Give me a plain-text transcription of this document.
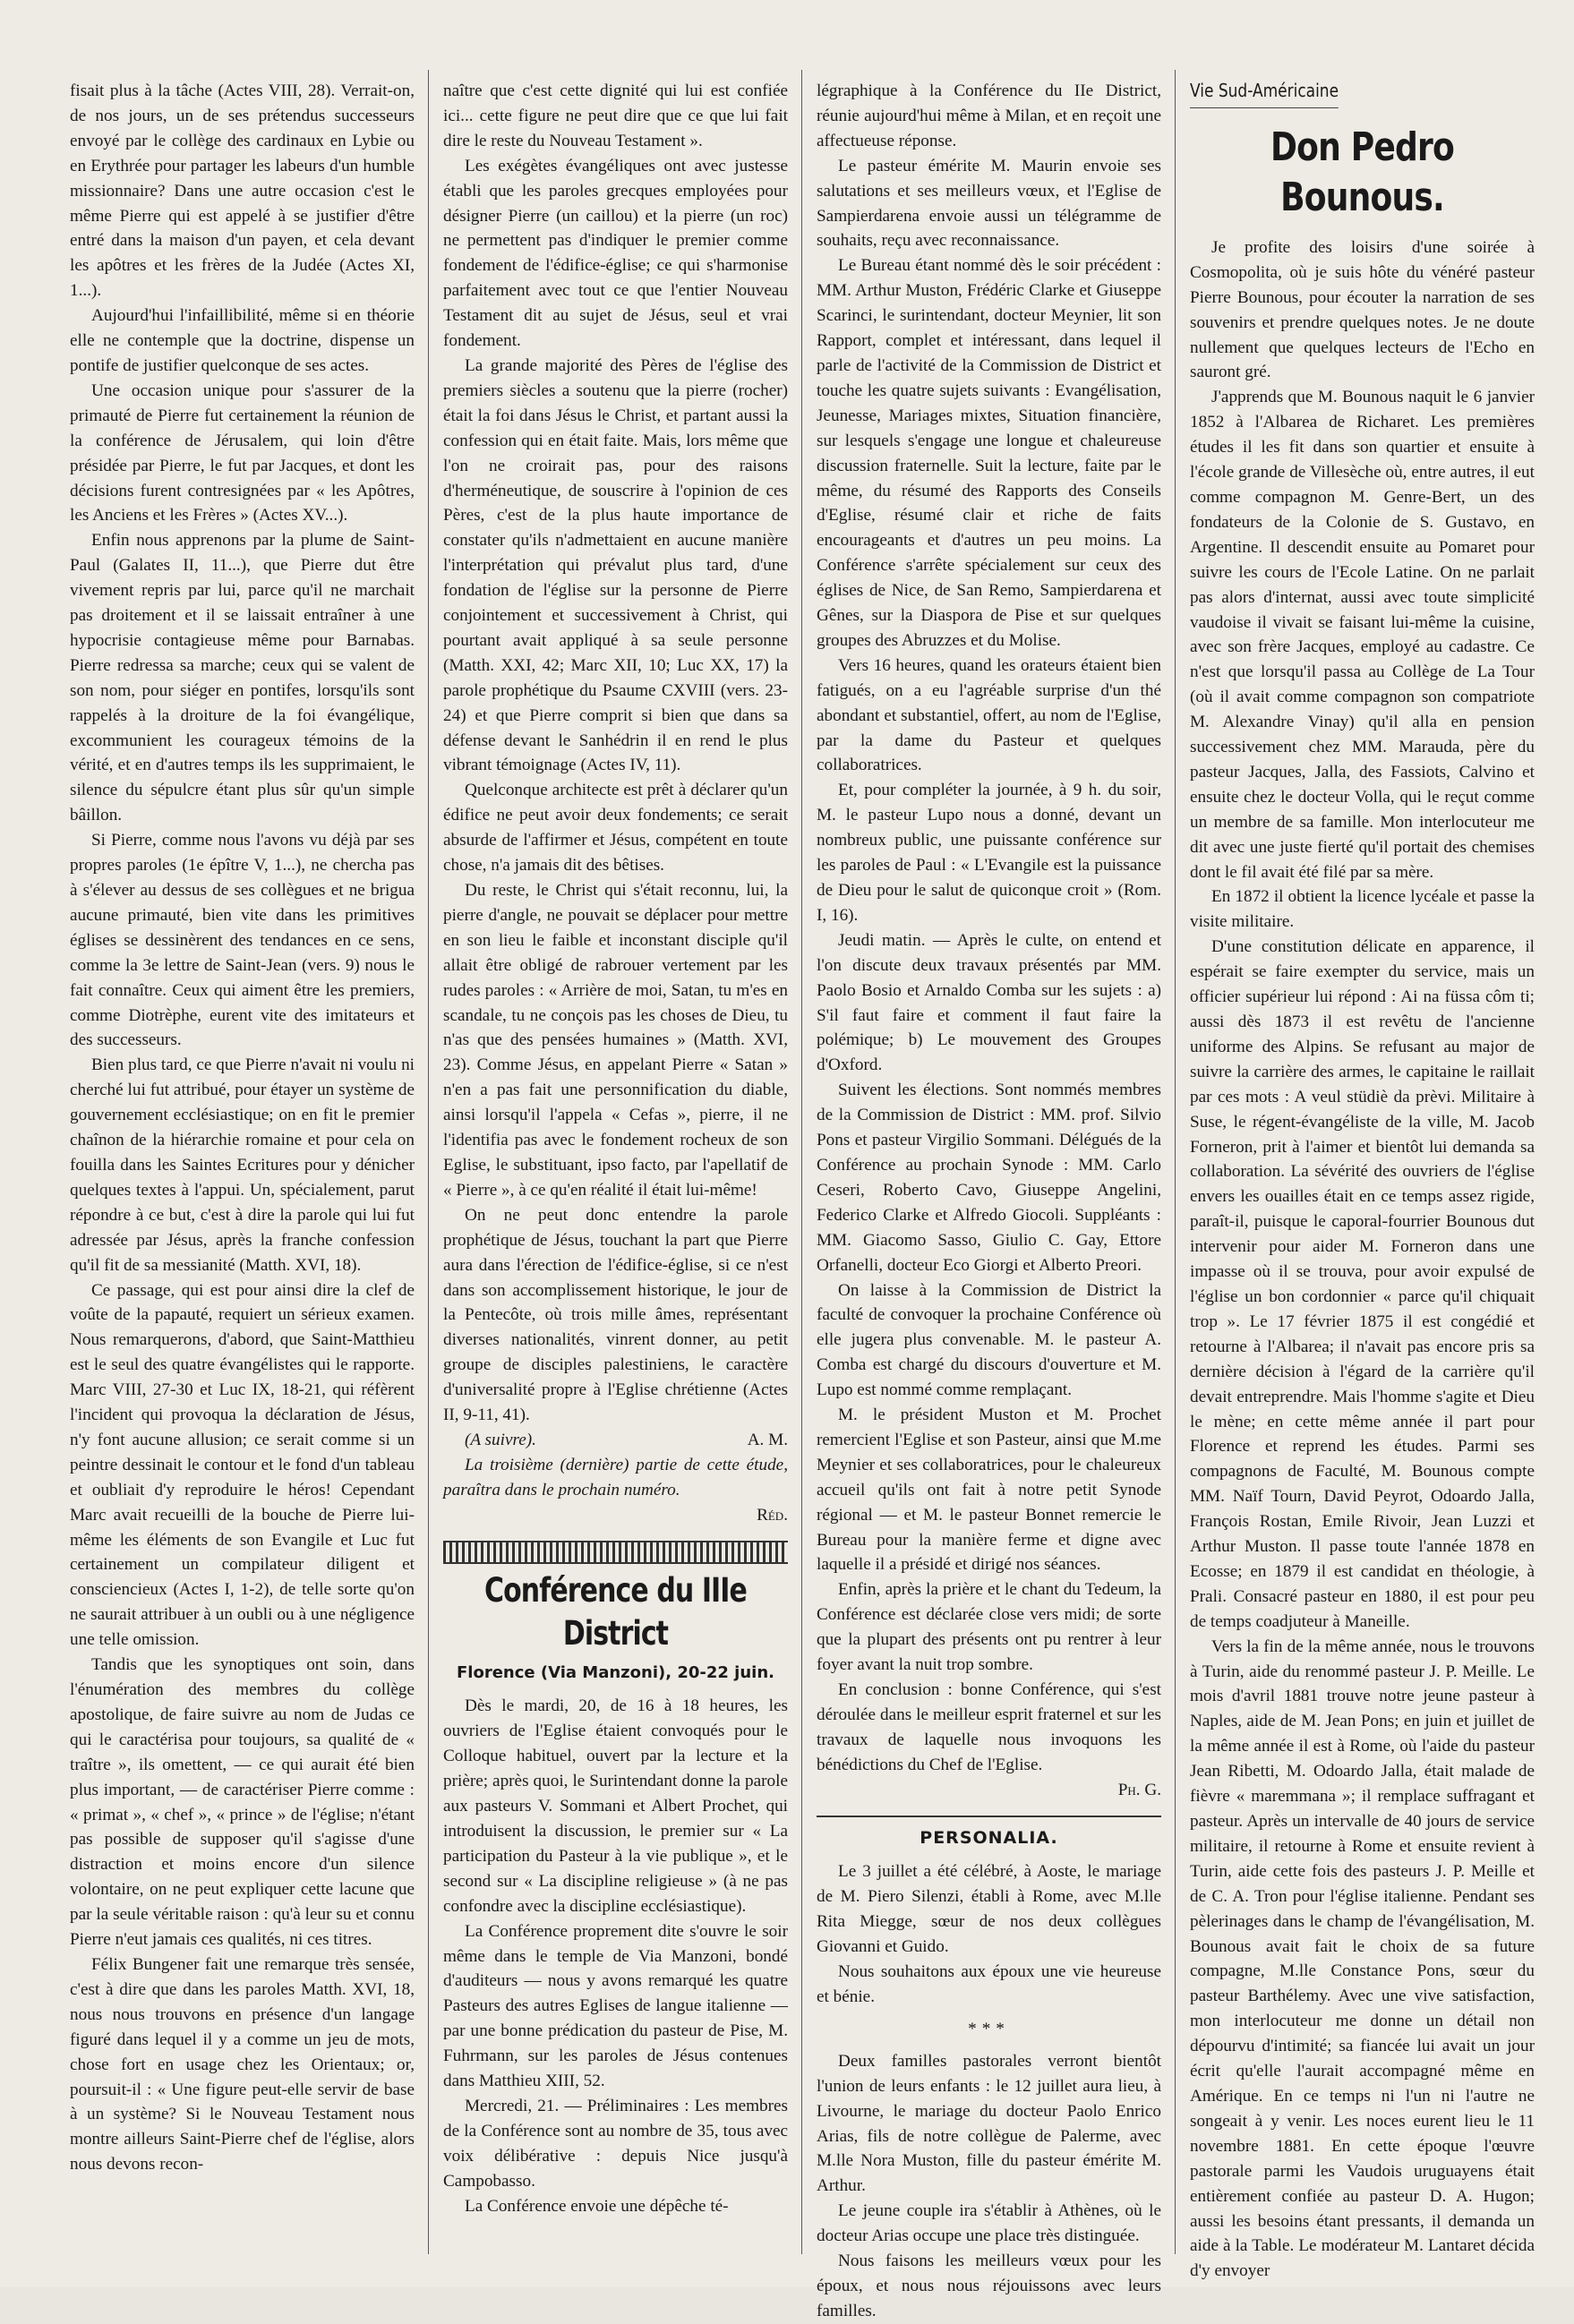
fisait plus à la tâche (Actes VIII, 28). Verrait-on, de nos jours, un de ses prétendus successeurs envoyé par le collège des cardinaux en Lybie ou en Erythrée pour partager les labeurs d'un humble missionnaire? Dans une autre occasion c'est le même Pierre qui est appelé à se justifier d'être entré dans la maison d'un payen, et cela devant les apôtres et les frères de la Judée (Actes XI, 1...).

Aujourd'hui l'infaillibilité, même si en théorie elle ne contemple que la doctrine, dispense un pontife de justifier quelconque de ses actes.

Une occasion unique pour s'assurer de la primauté de Pierre fut certainement la réunion de la conférence de Jérusalem, qui loin d'être présidée par Pierre, le fut par Jacques, et dont les décisions furent contresignées par « les Apôtres, les Anciens et les Frères » (Actes XV...).

Enfin nous apprenons par la plume de Saint-Paul (Galates II, 11...), que Pierre dut être vivement repris par lui, parce qu'il ne marchait pas droitement et il se laissait entraîner à une hypocrisie contagieuse même pour Barnabas. Pierre redressa sa marche; ceux qui se valent de son nom, pour siéger en pontifes, lorsqu'ils sont rappelés à la droiture de la foi évangélique, excommunient les courageux témoins de la vérité, et en d'autres temps ils les supprimaient, le silence du sépulcre étant plus sûr qu'un simple bâillon.

Si Pierre, comme nous l'avons vu déjà par ses propres paroles (1e épître V, 1...), ne chercha pas à s'élever au dessus de ses collègues et ne brigua aucune primauté, bien vite dans les primitives églises se dessinèrent des tendances en ce sens, comme la 3e lettre de Saint-Jean (vers. 9) nous le fait connaître. Ceux qui aiment être les premiers, comme Diotrèphe, eurent vite des imitateurs et des successeurs.

Bien plus tard, ce que Pierre n'avait ni voulu ni cherché lui fut attribué, pour étayer un système de gouvernement ecclésiastique; on en fit le premier chaînon de la hiérarchie romaine et pour cela on fouilla dans les Saintes Ecritures pour y dénicher quelques textes à l'appui. Un, spécialement, parut répondre à ce but, c'est à dire la parole qui lui fut adressée par Jésus, après la franche confession qu'il fit de sa messianité (Matth. XVI, 18).

Ce passage, qui est pour ainsi dire la clef de voûte de la papauté, requiert un sérieux examen. Nous remarquerons, d'abord, que Saint-Matthieu est le seul des quatre évangélistes qui le rapporte. Marc VIII, 27-30 et Luc IX, 18-21, qui réfèrent l'incident qui provoqua la déclaration de Jésus, n'y font aucune allusion; ce serait comme si un peintre dessinait le contour et le fond d'un tableau et oubliait d'y reproduire le héros! Cependant Marc avait recueilli de la bouche de Pierre lui-même les éléments de son Evangile et Luc fut certainement un compilateur diligent et consciencieux (Actes I, 1-2), de telle sorte qu'on ne saurait attribuer à un oubli ou à une négligence une telle omission.

Tandis que les synoptiques ont soin, dans l'énumération des membres du collège apostolique, de faire suivre au nom de Judas ce qui le caractérisa pour toujours, sa qualité de « traître », ils omettent, — ce qui aurait été bien plus important, — de caractériser Pierre comme : « primat », « chef », « prince » de l'église; n'étant pas possible de supposer qu'il s'agisse d'une distraction et moins encore d'un silence volontaire, on ne peut expliquer cette lacune que par la seule véritable raison : qu'à leur su et connu Pierre n'eut jamais ces qualités, ni ces titres.

Félix Bungener fait une remarque très sensée, c'est à dire que dans les paroles Matth. XVI, 18, nous nous trouvons en présence d'un langage figuré dans lequel il y a comme un jeu de mots, chose fort en usage chez les Orientaux; or, poursuit-il : « Une figure peut-elle servir de base à un système? Si le Nouveau Testament nous montre ailleurs Saint-Pierre chef de l'église, alors nous devons recon-

naître que c'est cette dignité qui lui est confiée ici... cette figure ne peut dire que ce que lui fait dire le reste du Nouveau Testament ».

Les exégètes évangéliques ont avec justesse établi que les paroles grecques employées pour désigner Pierre (un caillou) et la pierre (un roc) ne permettent pas d'indiquer le premier comme fondement de l'édifice-église; ce qui s'harmonise parfaitement avec tout ce que l'entier Nouveau Testament dit au sujet de Jésus, seul et vrai fondement.

La grande majorité des Pères de l'église des premiers siècles a soutenu que la pierre (rocher) était la foi dans Jésus le Christ, et partant aussi la confession qui en était faite. Mais, lors même que l'on ne croirait pas, pour des raisons d'herméneutique, de souscrire à l'opinion de ces Pères, c'est de la plus haute importance de constater qu'ils n'admettaient en aucune manière l'interprétation qui prévalut plus tard, d'une fondation de l'église sur la personne de Pierre conjointement et successivement à Christ, qui pourtant avait appliqué à sa seule personne (Matth. XXI, 42; Marc XII, 10; Luc XX, 17) la parole prophétique du Psaume CXVIII (vers. 23-24) et que Pierre comprit si bien que dans sa défense devant le Sanhédrin il en rend le plus vibrant témoignage (Actes IV, 11).

Quelconque architecte est prêt à déclarer qu'un édifice ne peut avoir deux fondements; ce serait absurde de l'affirmer et Jésus, compétent en toute chose, n'a jamais dit des bêtises.

Du reste, le Christ qui s'était reconnu, lui, la pierre d'angle, ne pouvait se déplacer pour mettre en son lieu le faible et inconstant disciple qu'il allait être obligé de rabrouer vertement par les rudes paroles : « Arrière de moi, Satan, tu m'es en scandale, tu ne conçois pas les choses de Dieu, tu n'as que des pensées humaines » (Matth. XVI, 23). Comme Jésus, en appelant Pierre « Satan » n'en a pas fait une personnification du diable, ainsi lorsqu'il l'appela « Cefas », pierre, il ne l'identifia pas avec le fondement rocheux de son Eglise, le substituant, ipso facto, par l'apellatif de « Pierre », à ce qu'en réalité il était lui-même!

On ne peut donc entendre la parole prophétique de Jésus, touchant la part que Pierre aura dans l'érection de l'édifice-église, si ce n'est dans son accomplissement historique, le jour de la Pentecôte, où trois mille âmes, représentant diverses nationalités, vinrent donner, au petit groupe de disciples palestiniens, le caractère d'universalité propre à l'Eglise chrétienne (Actes II, 9-11, 41).

(A suivre).	A. M.

La troisième (dernière) partie de cette étude, paraîtra dans le prochain numéro.

Réd.

Conférence du IIIe District
Florence (Via Manzoni), 20-22 juin.

Dès le mardi, 20, de 16 à 18 heures, les ouvriers de l'Eglise étaient convoqués pour le Colloque habituel, ouvert par la lecture et la prière; après quoi, le Surintendant donne la parole aux pasteurs V. Sommani et Albert Prochet, qui introduisent la discussion, le premier sur « La participation du Pasteur à la vie publique », et le second sur « La discipline religieuse » (à ne pas confondre avec la discipline ecclésiastique).

La Conférence proprement dite s'ouvre le soir même dans le temple de Via Manzoni, bondé d'auditeurs — nous y avons remarqué les quatre Pasteurs des autres Eglises de langue italienne — par une bonne prédication du pasteur de Pise, M. Fuhrmann, sur les paroles de Jésus contenues dans Matthieu XIII, 52.

Mercredi, 21. — Préliminaires : Les membres de la Conférence sont au nombre de 35, tous avec voix délibérative : depuis Nice jusqu'à Campobasso.

La Conférence envoie une dépêche té-

légraphique à la Conférence du IIe District, réunie aujourd'hui même à Milan, et en reçoit une affectueuse réponse.

Le pasteur émérite M. Maurin envoie ses salutations et ses meilleurs vœux, et l'Eglise de Sampierdarena envoie aussi un télégramme de souhaits, reçu avec reconnaissance.

Le Bureau étant nommé dès le soir précédent : MM. Arthur Muston, Frédéric Clarke et Giuseppe Scarinci, le surintendant, docteur Meynier, lit son Rapport, complet et intéressant, dans lequel il parle de l'activité de la Commission de District et touche les quatre sujets suivants : Evangélisation, Jeunesse, Mariages mixtes, Situation financière, sur lesquels s'engage une longue et chaleureuse discussion fraternelle. Suit la lecture, faite par le même, du résumé des Rapports des Conseils d'Eglise, résumé clair et riche de faits encourageants et d'autres un peu moins. La Conférence s'arrête spécialement sur ceux des églises de Nice, de San Remo, Sampierdarena et Gênes, sur la Diaspora de Pise et sur quelques groupes des Abruzzes et du Molise.

Vers 16 heures, quand les orateurs étaient bien fatigués, on a eu l'agréable surprise d'un thé abondant et substantiel, offert, au nom de l'Eglise, par la dame du Pasteur et quelques collaboratrices.

Et, pour compléter la journée, à 9 h. du soir, M. le pasteur Lupo nous a donné, devant un nombreux public, une puissante conférence sur les paroles de Paul : « L'Evangile est la puissance de Dieu pour le salut de quiconque croit » (Rom. I, 16).

Jeudi matin. — Après le culte, on entend et l'on discute deux travaux présentés par MM. Paolo Bosio et Arnaldo Comba sur les sujets : a) S'il faut faire et comment il faut faire la polémique; b) Le mouvement des Groupes d'Oxford.

Suivent les élections. Sont nommés membres de la Commission de District : MM. prof. Silvio Pons et pasteur Virgilio Sommani. Délégués de la Conférence au prochain Synode : MM. Carlo Ceseri, Roberto Cavo, Giuseppe Angelini, Federico Clarke et Alfredo Giocoli. Suppléants : MM. Giacomo Sasso, Giulio C. Gay, Ettore Orfanelli, docteur Eco Giorgi et Alberto Preori.

On laisse à la Commission de District la faculté de convoquer la prochaine Conférence où elle jugera plus convenable. M. le pasteur A. Comba est chargé du discours d'ouverture et M. Lupo est nommé comme remplaçant.

M. le président Muston et M. Prochet remercient l'Eglise et son Pasteur, ainsi que M.me Meynier et ses collaboratrices, pour le chaleureux accueil qu'ils ont fait à notre petit Synode régional — et M. le pasteur Bonnet remercie le Bureau pour la manière ferme et digne avec laquelle il a présidé et dirigé nos séances.

Enfin, après la prière et le chant du Tedeum, la Conférence est déclarée close vers midi; de sorte que la plupart des présents ont pu rentrer à leur foyer avant la nuit trop sombre.

En conclusion : bonne Conférence, qui s'est déroulée dans le meilleur esprit fraternel et sur les travaux de laquelle nous invoquons les bénédictions du Chef de l'Eglise.

Ph. G.

PERSONALIA.

Le 3 juillet a été célébré, à Aoste, le mariage de M. Piero Silenzi, établi à Rome, avec M.lle Rita Miegge, sœur de nos deux collègues Giovanni et Guido.

Nous souhaitons aux époux une vie heureuse et bénie.

***

Deux familles pastorales verront bientôt l'union de leurs enfants : le 12 juillet aura lieu, à Livourne, le mariage du docteur Paolo Enrico Arias, fils de notre collègue de Palerme, avec M.lle Nora Muston, fille du pasteur émérite M. Arthur.

Le jeune couple ira s'établir à Athènes, où le docteur Arias occupe une place très distinguée.

Nous faisons les meilleurs vœux pour les époux, et nous nous réjouissons avec leurs familles.

Vie Sud-Américaine
Don Pedro Bounous.

Je profite des loisirs d'une soirée à Cosmopolita, où je suis hôte du vénéré pasteur Pierre Bounous, pour écouter la narration de ses souvenirs et prendre quelques notes. Je ne doute nullement que quelques lecteurs de l'Echo en sauront gré.

J'apprends que M. Bounous naquit le 6 janvier 1852 à l'Albarea de Richaret. Les premières études il les fit dans son quartier et ensuite à l'école grande de Villesèche où, entre autres, il eut comme compagnon M. Genre-Bert, un des fondateurs de la Colonie de S. Gustavo, en Argentine. Il descendit ensuite au Pomaret pour suivre les cours de l'Ecole Latine. On ne parlait pas alors d'internat, aussi avec toute simplicité vaudoise il vivait se faisant lui-même la cuisine, avec son frère Jacques, employé au cadastre. Ce n'est que lorsqu'il passa au Collège de La Tour (où il avait comme compagnon son compatriote M. Alexandre Vinay) qu'il alla en pension successivement chez MM. Marauda, père du pasteur Jacques, Jalla, des Fassiots, Calvino et ensuite chez le docteur Volla, qui le reçut comme un membre de sa famille. Mon interlocuteur me dit avec une juste fierté qu'il portait des chemises dont le fil avait été filé par sa mère.

En 1872 il obtient la licence lycéale et passe la visite militaire.

D'une constitution délicate en apparence, il espérait se faire exempter du service, mais un officier supérieur lui répond : Ai na füssa côm ti; aussi dès 1873 il est revêtu de l'ancienne uniforme des Alpins. Se refusant au major de suivre la carrière des armes, le capitaine le raillait par ces mots : A veul stüdiè da prèvi. Militaire à Suse, le régent-évangéliste de la ville, M. Jacob Forneron, prit à l'aimer et bientôt lui demanda sa collaboration. La sévérité des ouvriers de l'église envers les ouailles était en ce temps assez rigide, paraît-il, puisque le caporal-fourrier Bounous dut intervenir pour aider M. Forneron dans une impasse où il se trouva, pour avoir expulsé de l'église un bon cordonnier « parce qu'il chiquait trop ». Le 17 février 1875 il est congédié et retourne à l'Albarea; il n'avait pas encore pris sa dernière décision à l'égard de la carrière qu'il devait entreprendre. Mais l'homme s'agite et Dieu le mène; en cette même année il part pour Florence et reprend les études. Parmi ses compagnons de Faculté, M. Bounous compte MM. Naïf Tourn, David Peyrot, Odoardo Jalla, François Rostan, Emile Rivoir, Jean Luzzi et Arthur Muston. Il passe toute l'année 1878 en Ecosse; en 1879 il est candidat en théologie, à Prali. Consacré pasteur en 1880, il est pour peu de temps coadjuteur à Maneille.

Vers la fin de la même année, nous le trouvons à Turin, aide du renommé pasteur J. P. Meille. Le mois d'avril 1881 trouve notre jeune pasteur à Naples, aide de M. Jean Pons; en juin et juillet de la même année il est à Rome, où l'aide du pasteur Jean Ribetti, M. Odoardo Jalla, était malade de fièvre « maremmana »; il remplace suffragant et pasteur. Après un intervalle de 40 jours de service militaire, il retourne à Rome et ensuite revient à Turin, aide cette fois des pasteurs J. P. Meille et de C. A. Tron pour l'église italienne. Pendant ses pèlerinages dans le champ de l'évangélisation, M. Bounous avait fait le choix de sa future compagne, M.lle Constance Pons, sœur du pasteur Barthélemy. Avec une vive satisfaction, mon interlocuteur me donne un détail non dépourvu d'intimité; sa fiancée lui avait un jour écrit qu'elle l'aurait accompagné même en Amérique. En ce temps ni l'un ni l'autre ne songeait à y venir. Les noces eurent lieu le 11 novembre 1881. En cette époque l'œuvre pastorale parmi les Vaudois uruguayens était entièrement confiée au pasteur D. A. Hugon; aussi les besoins étant pressants, il demanda un aide à la Table. Le modérateur M. Lantaret décida d'y envoyer
